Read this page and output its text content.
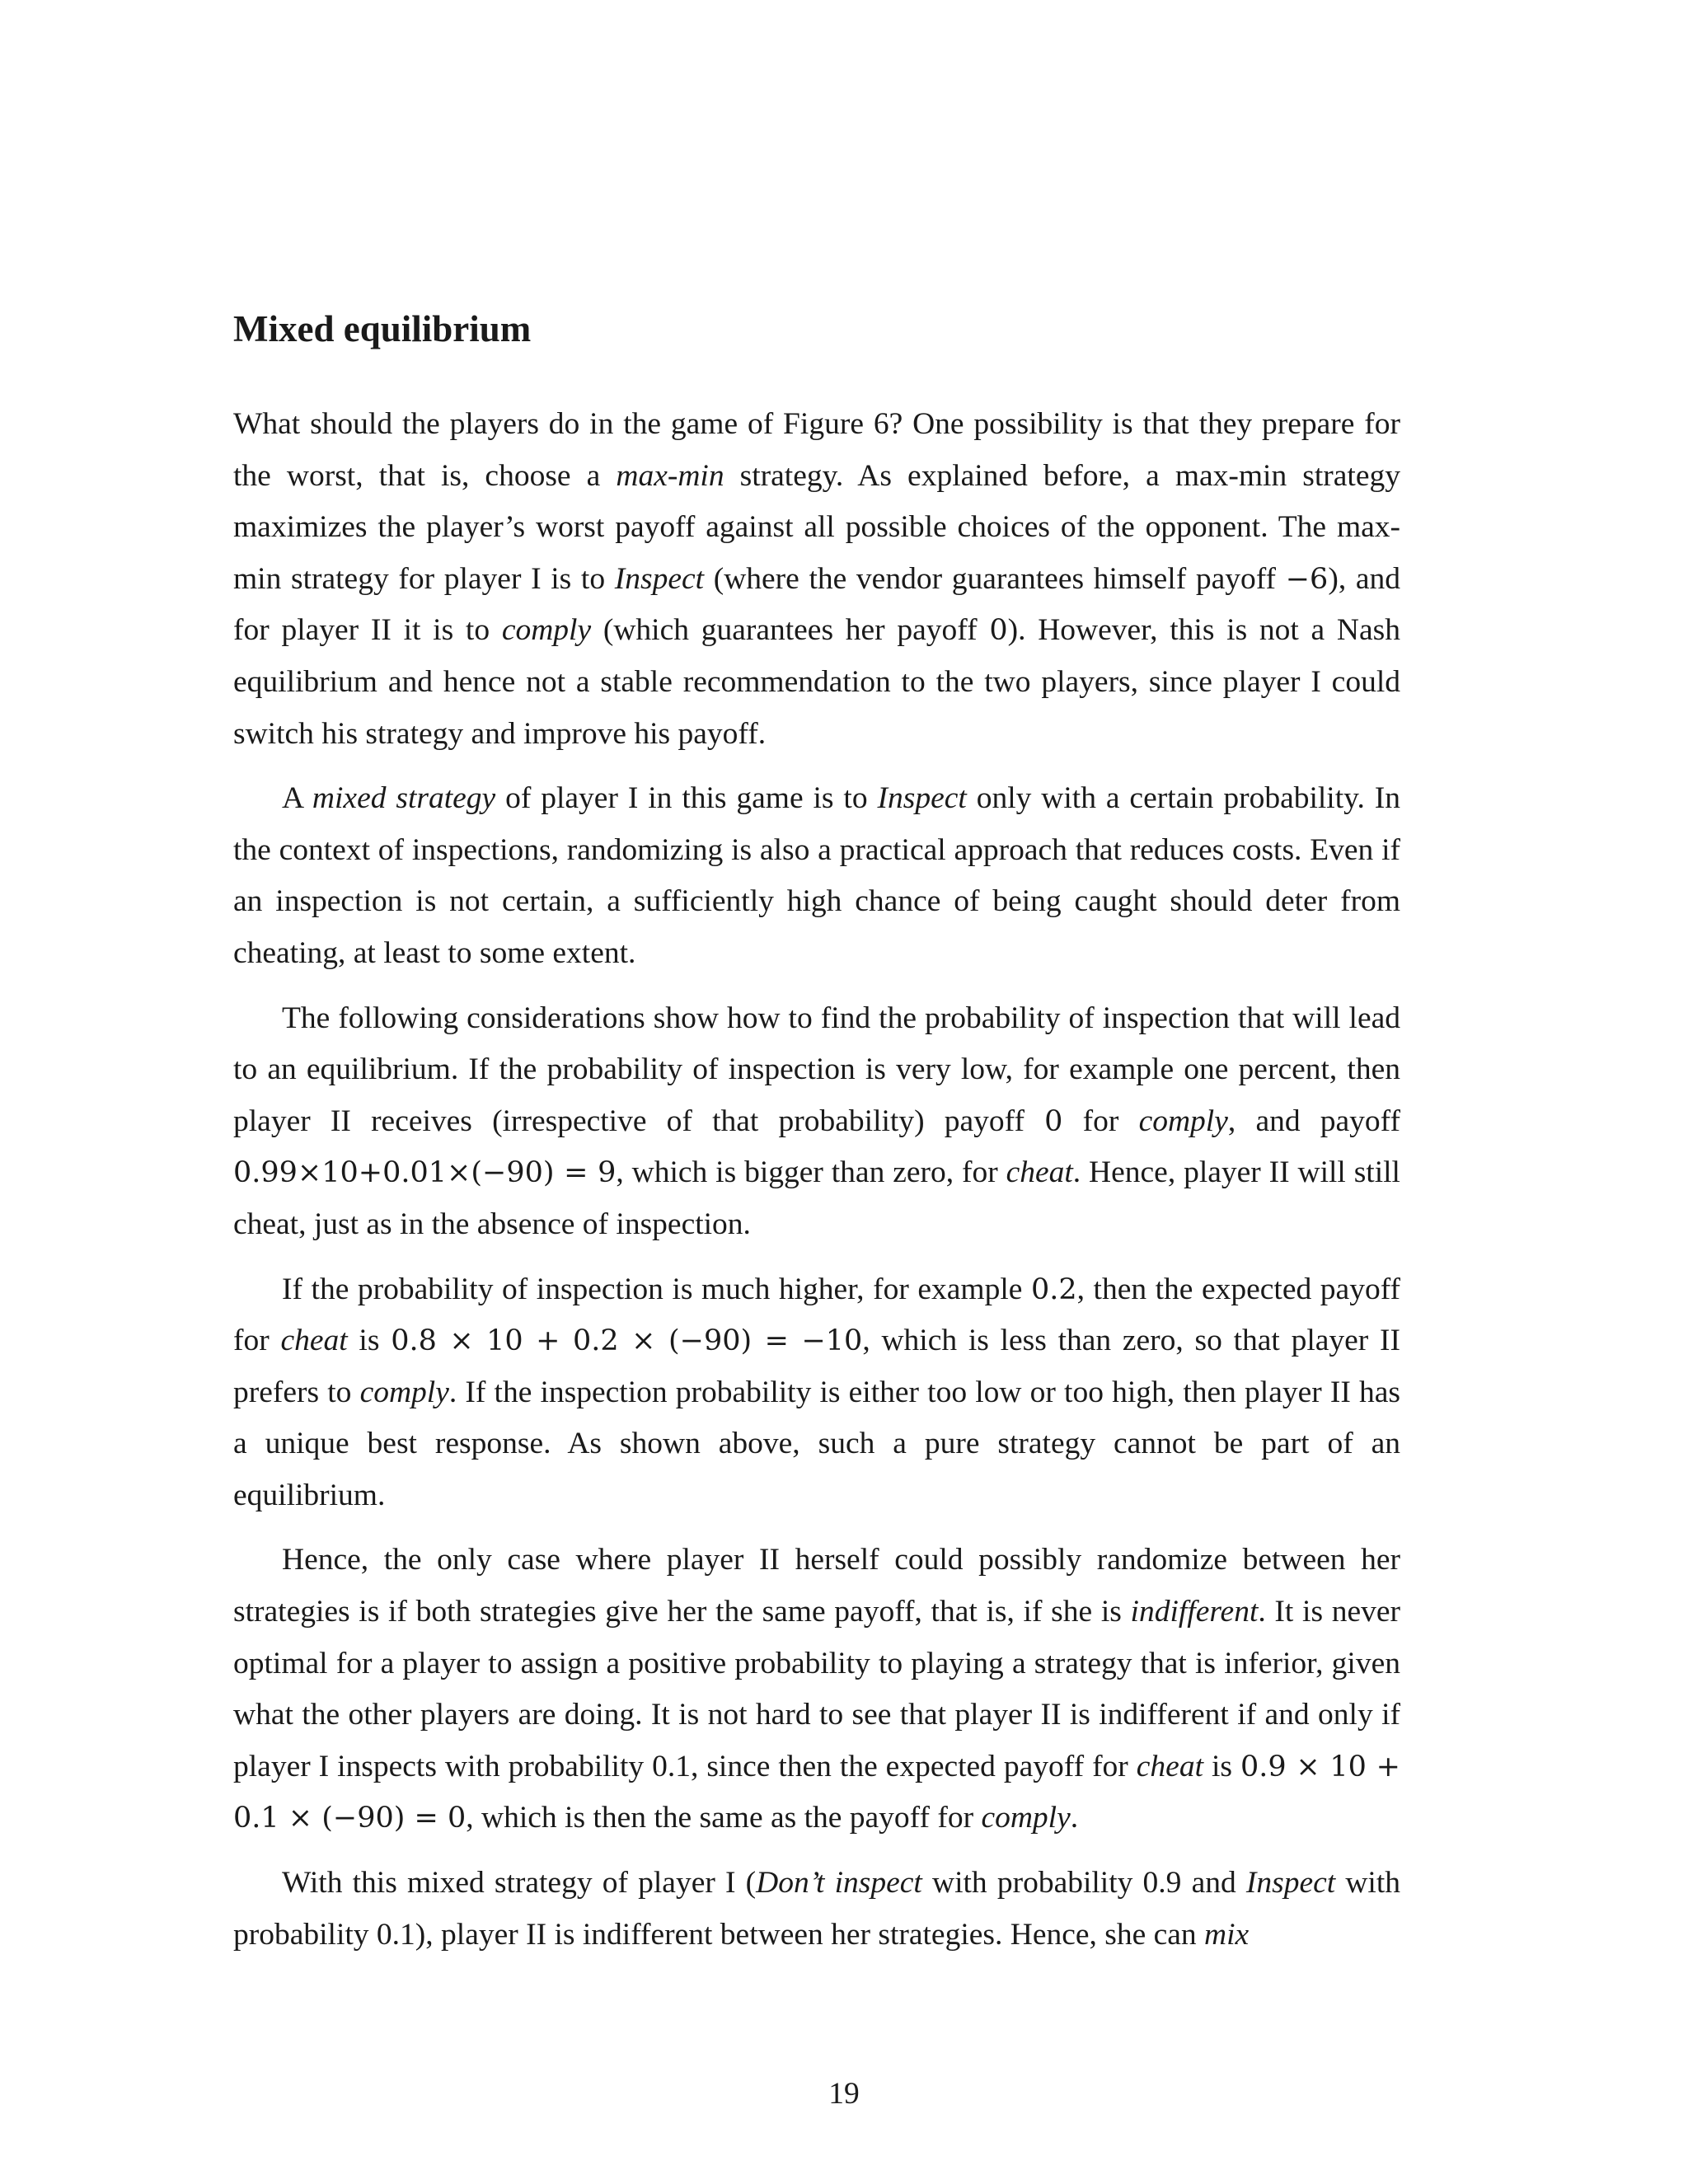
Mixed equilibrium

What should the players do in the game of Figure 6? One possibility is that they prepare for the worst, that is, choose a max-min strategy. As explained before, a max-min strategy maximizes the player’s worst payoff against all possible choices of the opponent. The max-min strategy for player I is to Inspect (where the vendor guarantees himself payoff −6), and for player II it is to comply (which guarantees her payoff 0). However, this is not a Nash equilibrium and hence not a stable recommendation to the two players, since player I could switch his strategy and improve his payoff.

A mixed strategy of player I in this game is to Inspect only with a certain probability. In the context of inspections, randomizing is also a practical approach that reduces costs. Even if an inspection is not certain, a sufficiently high chance of being caught should deter from cheating, at least to some extent.

The following considerations show how to find the probability of inspection that will lead to an equilibrium. If the probability of inspection is very low, for example one percent, then player II receives (irrespective of that probability) payoff 0 for comply, and payoff 0.99×10+0.01×(−90) = 9, which is bigger than zero, for cheat. Hence, player II will still cheat, just as in the absence of inspection.

If the probability of inspection is much higher, for example 0.2, then the expected payoff for cheat is 0.8 × 10 + 0.2 × (−90) = −10, which is less than zero, so that player II prefers to comply. If the inspection probability is either too low or too high, then player II has a unique best response. As shown above, such a pure strategy cannot be part of an equilibrium.

Hence, the only case where player II herself could possibly randomize between her strategies is if both strategies give her the same payoff, that is, if she is indifferent. It is never optimal for a player to assign a positive probability to playing a strategy that is inferior, given what the other players are doing. It is not hard to see that player II is indifferent if and only if player I inspects with probability 0.1, since then the expected payoff for cheat is 0.9 × 10 + 0.1 × (−90) = 0, which is then the same as the payoff for comply.

With this mixed strategy of player I (Don’t inspect with probability 0.9 and Inspect with probability 0.1), player II is indifferent between her strategies. Hence, she can mix

19
